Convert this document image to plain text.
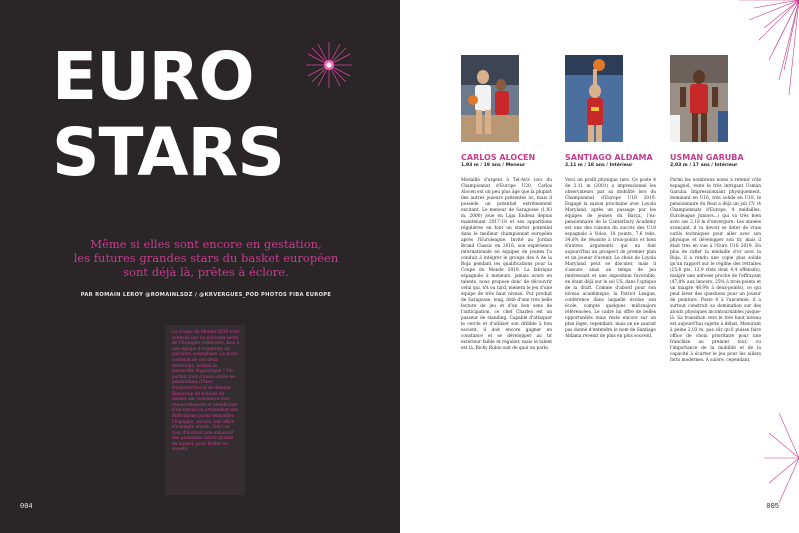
EURO
STARS
Même si elles sont encore en gestation,
les futures grandes stars du basket européen
sont déjà là, prêtes à éclore.
PAR ROMAIN LEROY @ROMAINLSDZ / @KRVERGUES_POD PHOTOS FIBA EUROPE
La Coupe du Monde 2019 s'est achevée par un nouveau sacre de l'Espagne (tribiscée), face à une équipe d'Argentine au parcours exemplaire. Le point commun de ces deux sélections, hormis la passerelle linguistique ? Un parfait trait d'union entre les générations d'hier, d'aujourd'hui et de demain. Beaucoup de nations du basket ont commencé leur renouvellement et bénéficient d'un travail en profondeur des fédérations parmi lesquelles l'Espagne, encore, fait office d'exemple absolu. Voici un tour d'horizon non-exhaustif des probables futurs grands du basket, pour briller en société.
004
CARLOS ALOCEN
1,93 m / 19 ans / Meneur
Médaillé d'argent à Tel-Aviv lors du Championnat d'Europe U20, Carlos Alocen est un peu plus âgé que la plupart des autres joueurs présentés ici, mais il possède un potentiel extrêmement excitant. Le meneur de Saragosse (1,93 m, 2000) joue en Liga Endesa depuis maintenant 2017-18 et ses apparitions régulières en font un starter potentiel dans le meilleur championnat européen après l'Euroleague. Invité au Jordan Brand Classic en 2016, son expérience internationale en équipes de jeunes l'a conduit à intégrer le groupe des A de la Roja pendant les qualifications pour la Coupe du Monde 2019. La fabrique espagnole à meneurs, jamais avare en talents, nous propose donc de découvrir celui qui, tôt ou tard, mènera le jeu d'une équipe de très haut niveau. Pur produit de Saragosse, long, doté d'une très belle lecture de jeu et d'un bon sens de l'anticipation, ce chef Charles est un passeur de standing. Capable d'attaquer le cercle et d'utiliser son dribble à bon escient, il doit encore gagner en constance et se développer au tir extérieur faible et régulier, mais le talent est là. Ricky Rubio sait de quoi on parle.
SANTIAGO ALDAMA
2,11 m / 18 ans / Intérieur
Voici un profil physique rare. Ce poste 4 de 2,11 m (2001) a impressionné les observateurs par sa mobilité lors du Championnat d'Europe U18 2019. Engagé la saison prochaine avec Loyola Maryland, après un passage par les équipes de jeunes du Barça, l'ex-pensionnaire de la Canterbury Academy est une des raisons du succès des U18 espagnols à Volos. 18 points, 7,6 rebs, 34,8% de réussite à trois-points et bien d'autres arguments qui en font aujourd'hui un prospect de premier plan et un joueur d'avenir. Le choix de Loyola Maryland peut se discuter, mais il s'assure ainsi un temps de jeu intéressant et une exposition favorable, en étant déjà sur le sol US, dans l'optique de la draft. Comme d'abord pour son niveau académique, la Patriot League, conférence dans laquelle évolue son école, compte quelques mid-majors référencées. Le cadre lui offre de belles opportunités mais reste encore sur un plan léger, cependant, mais on ne saurait pas donné d'entendre le nom de Santiago Aldama revenir de plus en plus souvent.
USMAN GARUBA
2,03 m / 17 ans / Intérieur
Parmi les nombreux noms à retenir côté espagnol, reste le très intrigant Usman Garuba. Impressionnant physiquement, dominant en U16, très solide en U18, le pensionnaire du Real a déjà un joli CV (4 Championnats d'Europe, 4 médailles, Euroleague Juniors...) qui va très bien avec ses 2,18 m d'envergure. Les années avançant, il va devoir se doter de vrais outils techniques pour aller avec son physique et développer son tir, mais il était très en vue à l'Euro U18 2019. En plus de rafler la médaille d'or avec la Roja, il a rendu une copie plus solide qu'un rapport sur le régime des retraites (15,6 pts, 12,9 rbds dont 4,4 offensifs), malgré une adresse proche de l'effrayant (47,8% aux lancers, 25% à trois-points et un maigre 48,9% à deux-points), ce qui peut lever des questions pour un joueur de peinture. Poste 4 à l'ancienne, il a surtout construit sa domination sur des atouts physiques incontournables jusque-là. Sa transition vers le très haut niveau est aujourd'hui sujette à débat. Mesurant à peine 2,03 m, pas sûr qu'il puisse faire office de choix prioritaire pour une franchise au premier tour, vu l'importance de la mobilité et de la capacité à écarter le jeu pour les ailiers forts modernes. À suivre, cependant.
005
